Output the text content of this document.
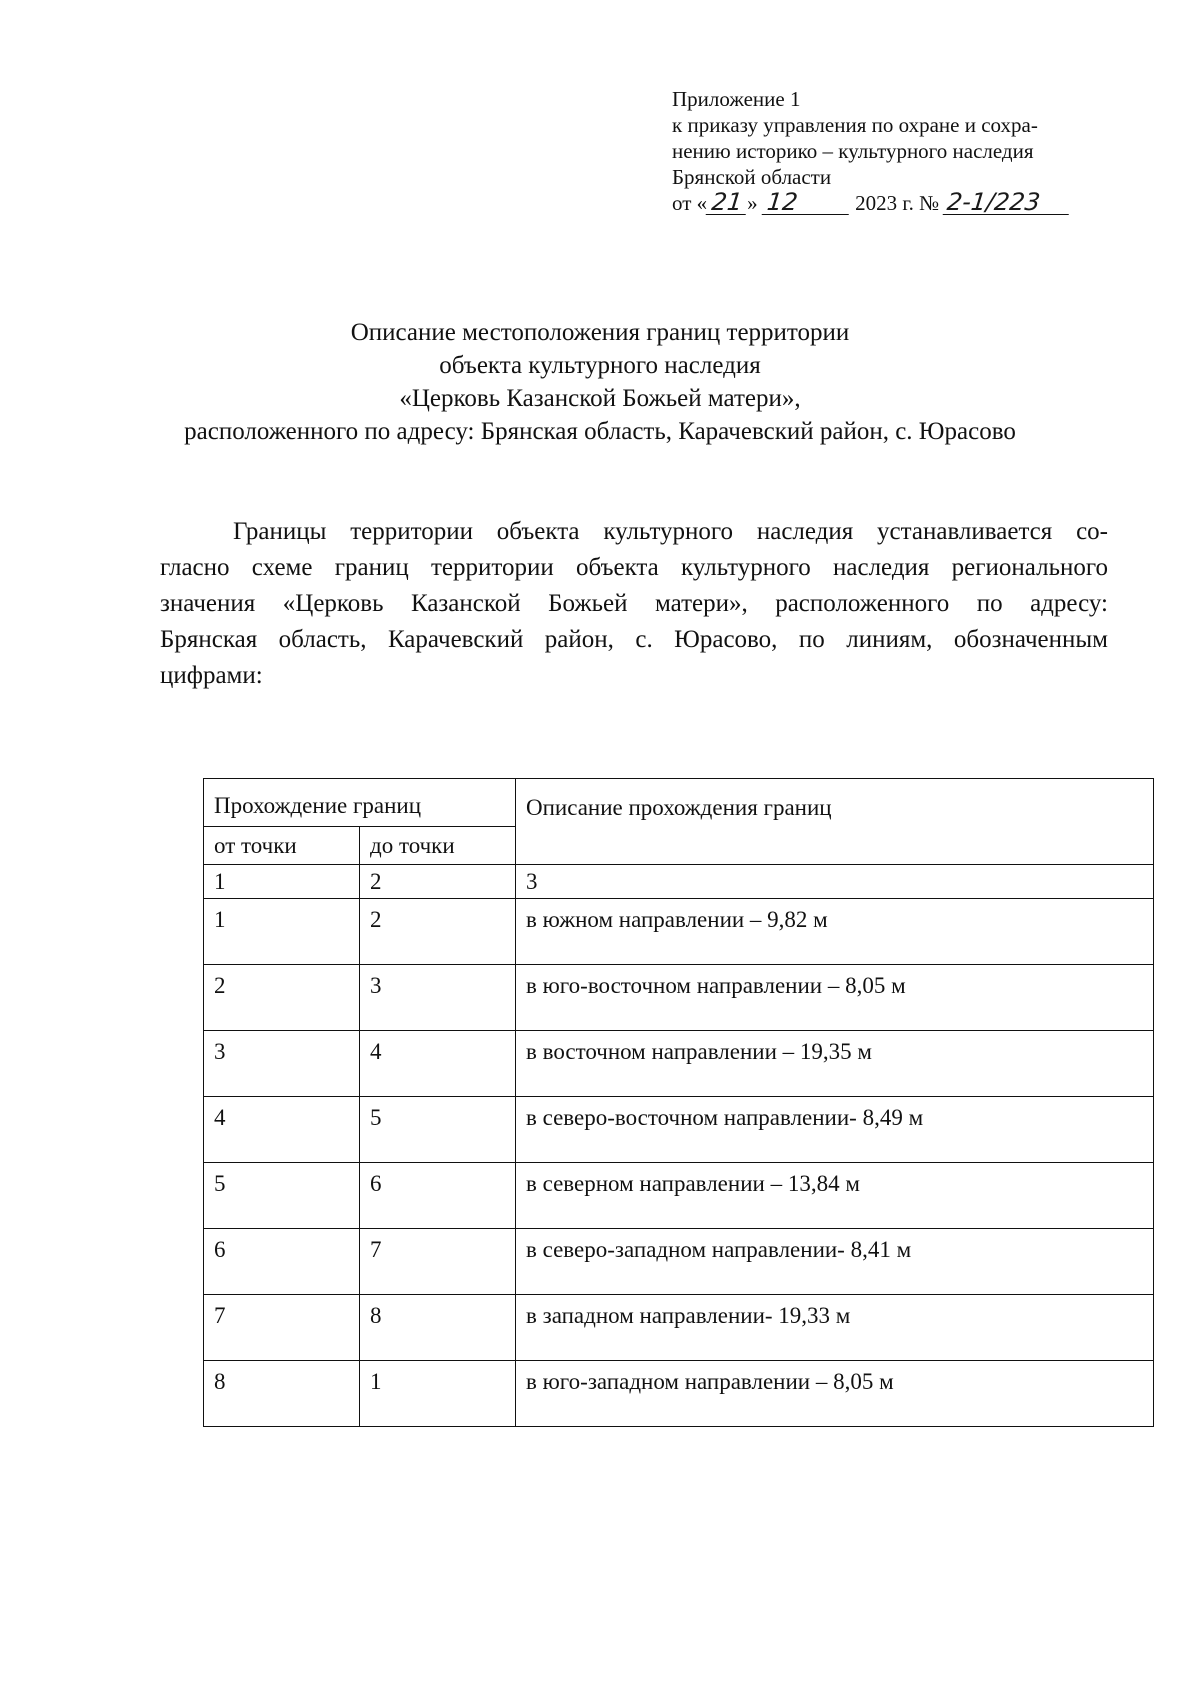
Приложение 1
к приказу управления по охране и сохра-
нению историко – культурного наследия
Брянской области
от « 21 » 12	2023 г. № 2-1/223
Описание местоположения границ территории
объекта культурного наследия
«Церковь Казанской Божьей матери»,
расположенного по адресу: Брянская область, Карачевский район, с. Юрасово
Границы территории объекта культурного наследия устанавливается со-
гласно схеме границ территории объекта культурного наследия регионального
значения «Церковь Казанской Божьей матери», расположенного по адресу:
Брянская область, Карачевский район, с. Юрасово, по линиям, обозначенным
цифрами:
Прохождение границ		Описание прохождения границ
от точки	до точки	
1	2	3
1	2	в южном направлении – 9,82 м
2	3	в юго-восточном направлении – 8,05 м
3	4	в восточном направлении – 19,35 м
4	5	в северо-восточном направлении- 8,49 м
5	6	в северном направлении – 13,84 м
6	7	в северо-западном направлении- 8,41 м
7	8	в западном направлении- 19,33 м
8	1	в юго-западном направлении – 8,05 м
